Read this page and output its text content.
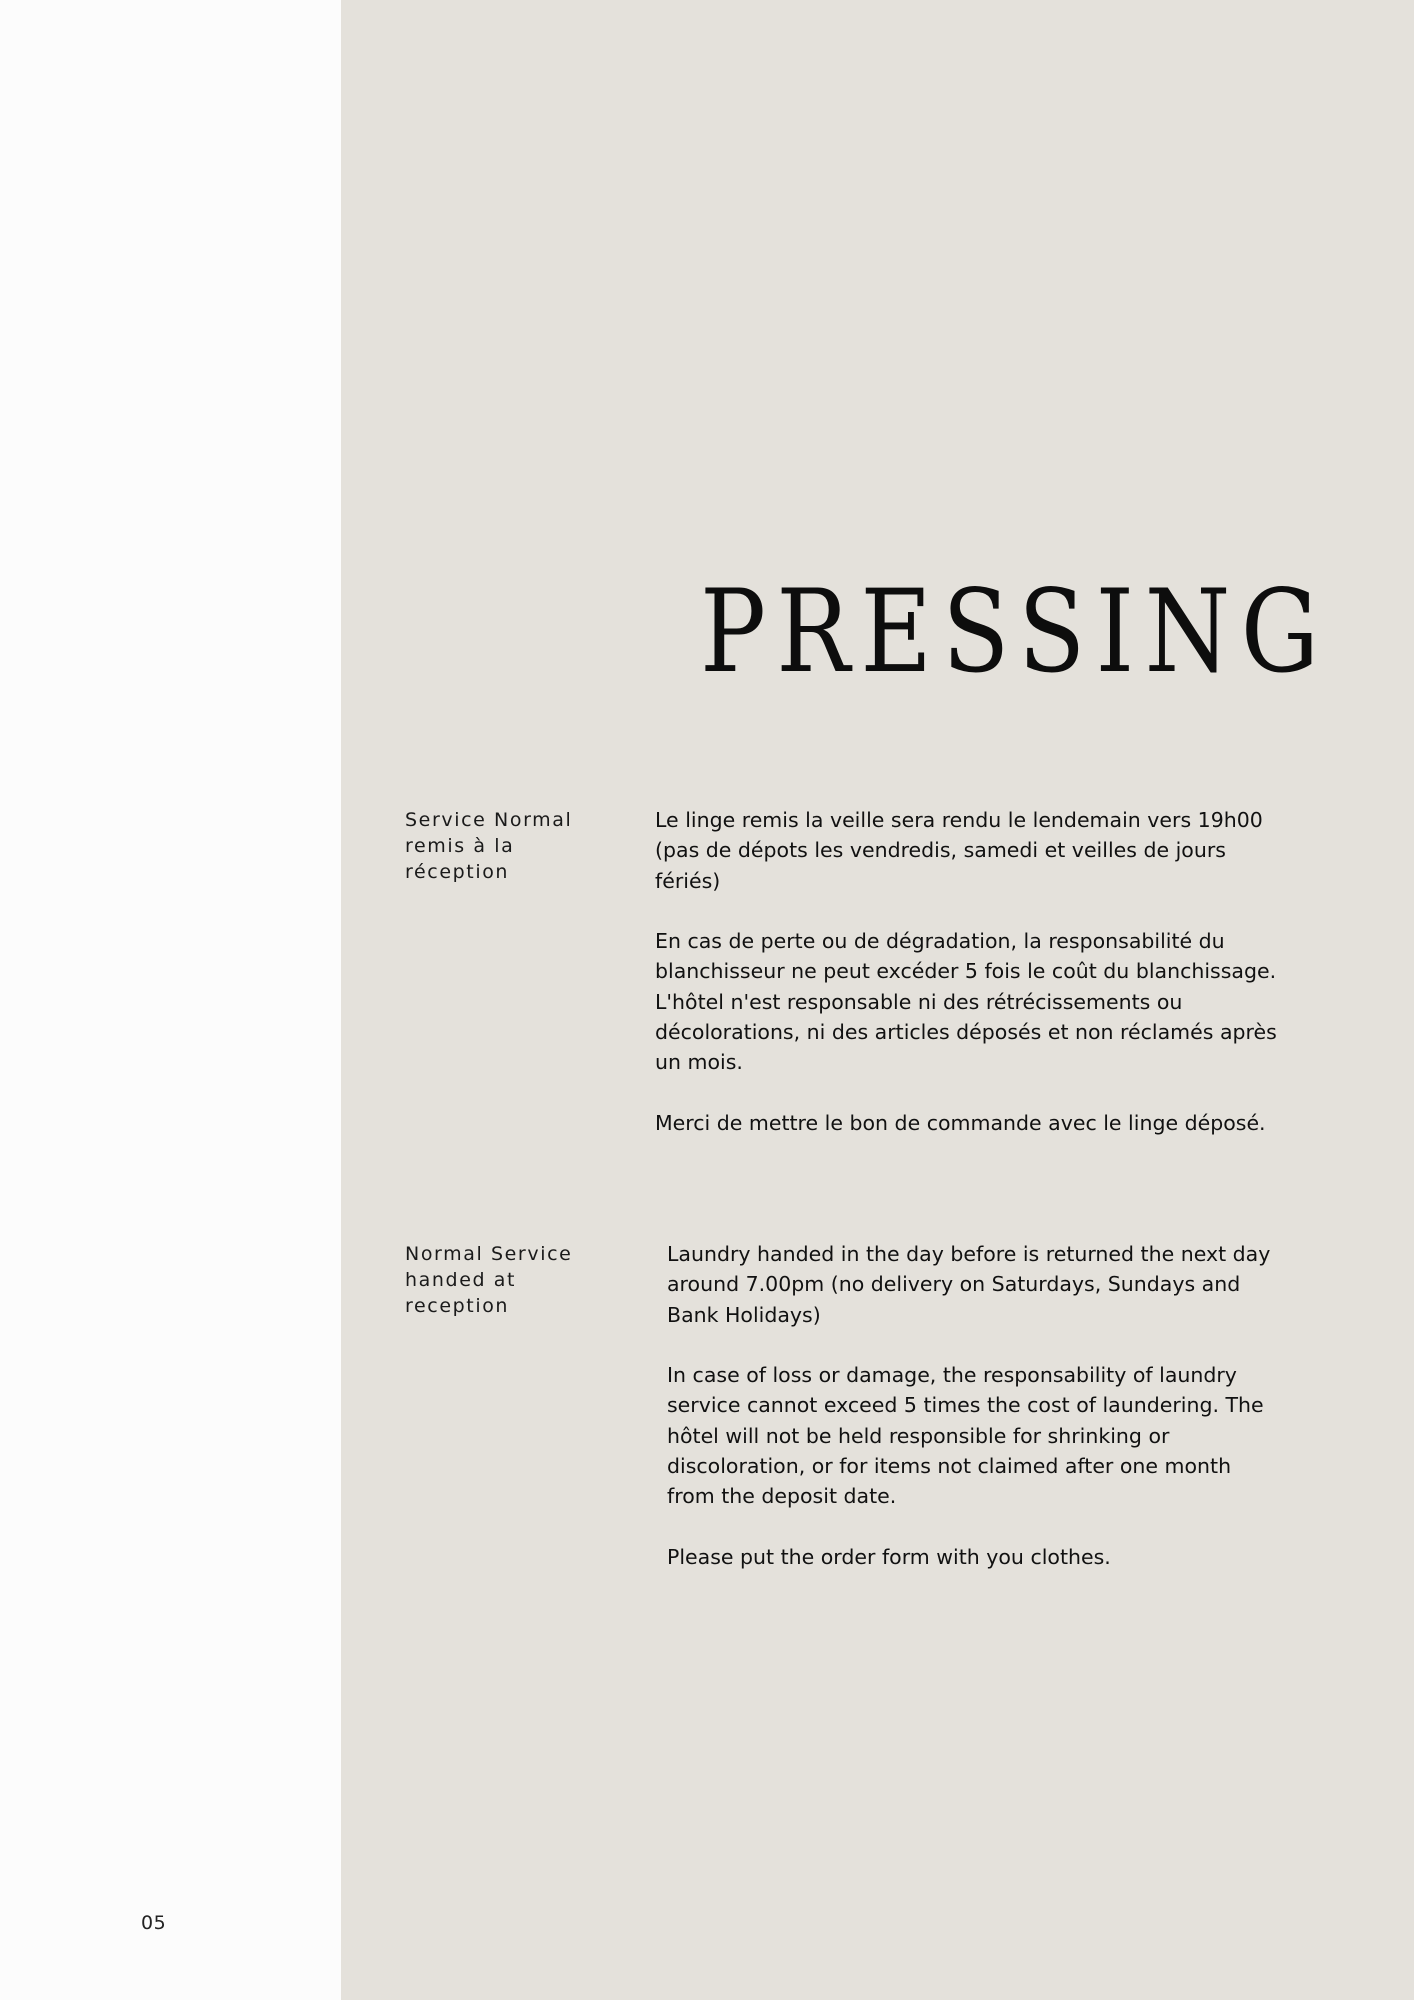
PRESSING
Service Normal remis à la réception

Le linge remis la veille sera rendu le lendemain vers 19h00 (pas de dépots les vendredis, samedi et veilles de jours fériés)

En cas de perte ou de dégradation, la responsabilité du blanchisseur ne peut excéder 5 fois le coût du blanchissage. L'hôtel n'est responsable ni des rétrécissements ou décolorations, ni des articles déposés et non réclamés après un mois.

Merci de mettre le bon de commande avec le linge déposé.

Normal Service handed at reception

Laundry handed in the day before is returned the next day around 7.00pm (no delivery on Saturdays, Sundays and Bank Holidays)

In case of loss or damage, the responsability of laundry service cannot exceed 5 times the cost of laundering. The hôtel will not be held responsible for shrinking or discoloration, or for items not claimed after one month from the deposit date.

Please put the order form with you clothes.

05
